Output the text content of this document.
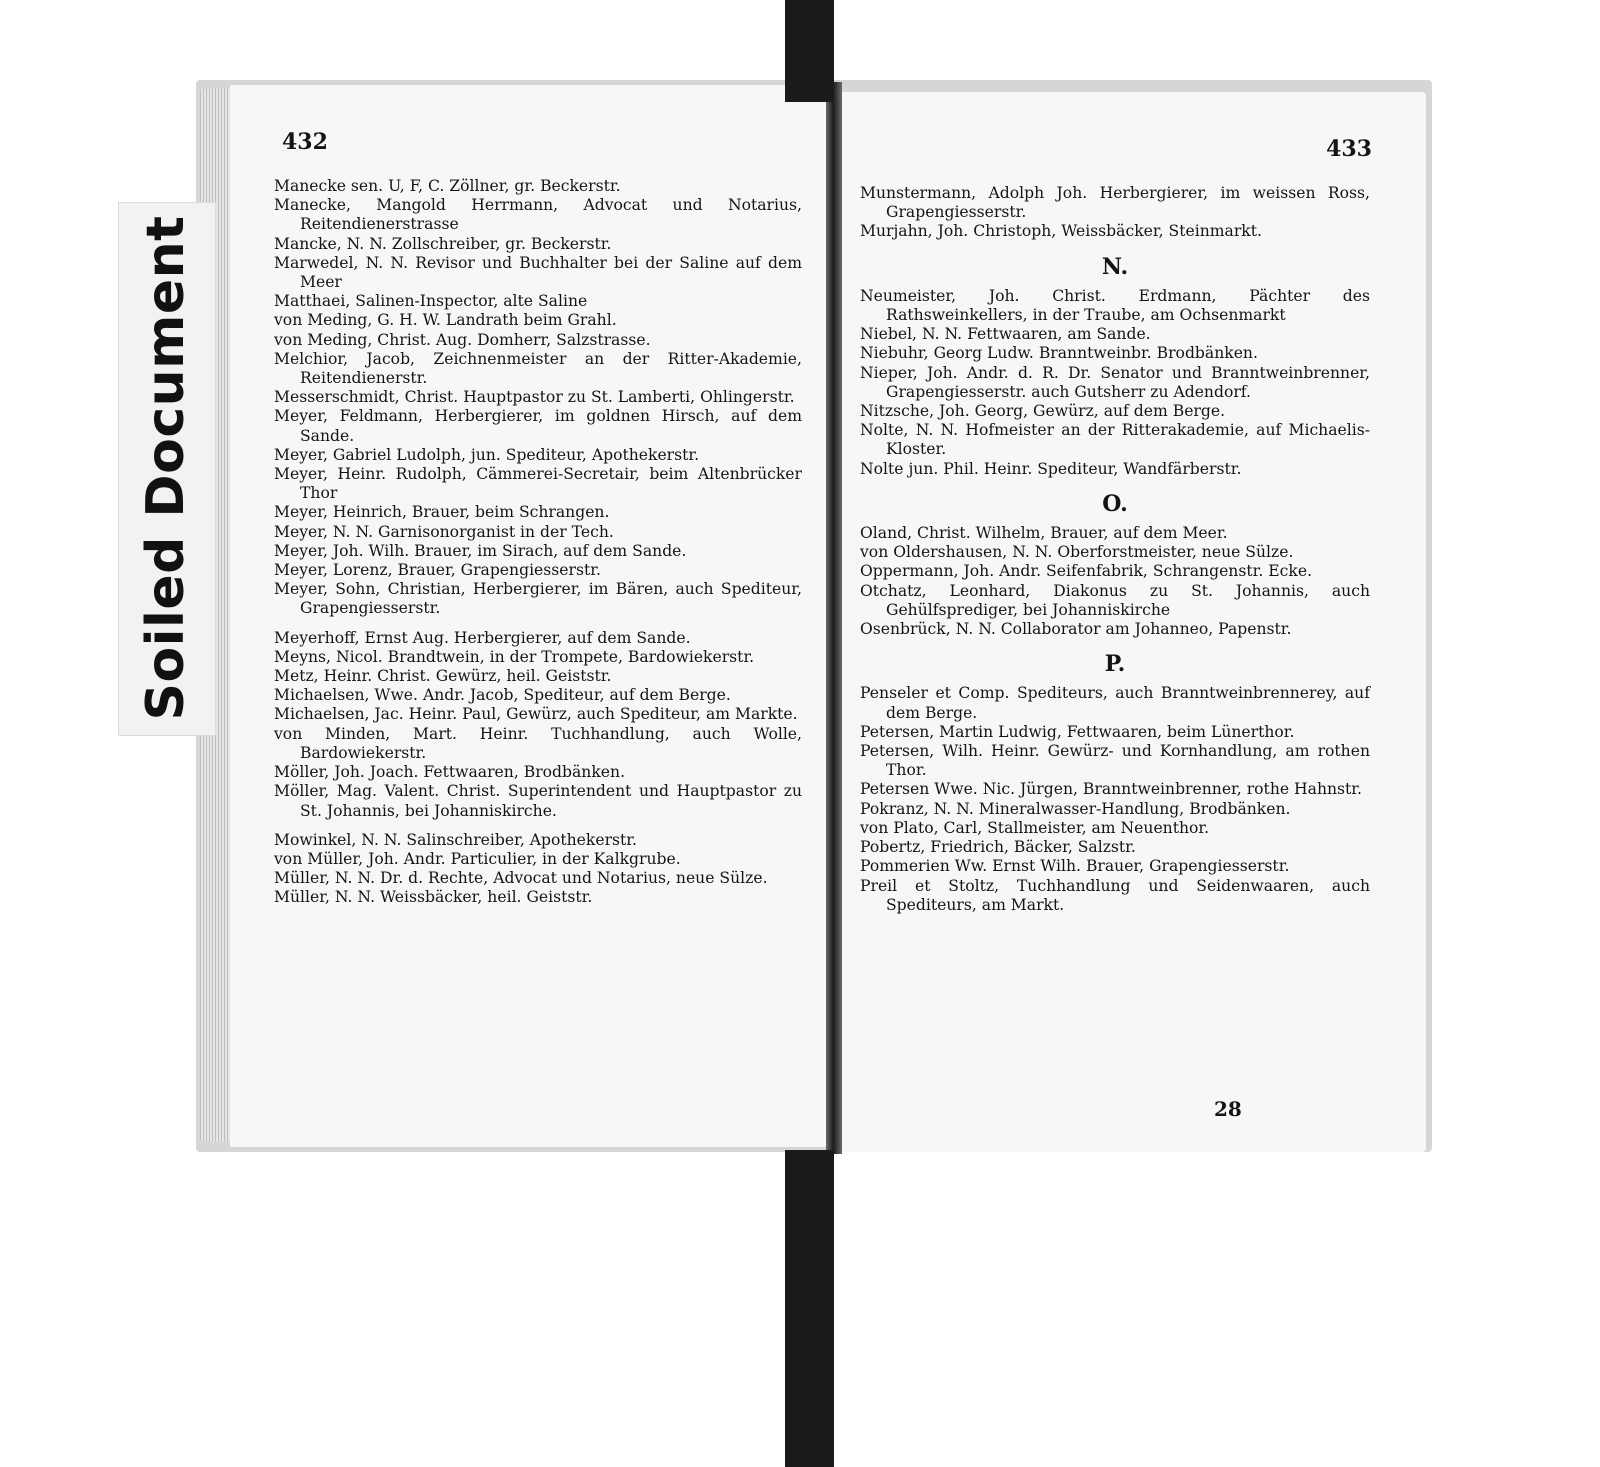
Soiled Document
432
Manecke sen. U, F, C. Zöllner, gr. Beckerstr.
Manecke, Mangold Herrmann, Advocat und Notarius, Reitendienerstrasse
Mancke, N. N. Zollschreiber, gr. Beckerstr.
Marwedel, N. N. Revisor und Buchhalter bei der Saline auf dem Meer
Matthaei, Salinen-Inspector, alte Saline
von Meding, G. H. W. Landrath beim Grahl.
von Meding, Christ. Aug. Domherr, Salzstrasse.
Melchior, Jacob, Zeichnenmeister an der Ritter-Akademie, Reitendienerstr.
Messerschmidt, Christ. Hauptpastor zu St. Lamberti, Ohlingerstr.
Meyer, Feldmann, Herbergierer, im goldnen Hirsch, auf dem Sande.
Meyer, Gabriel Ludolph, jun. Spediteur, Apothekerstr.
Meyer, Heinr. Rudolph, Cämmerei-Secretair, beim Altenbrücker Thor
Meyer, Heinrich, Brauer, beim Schrangen.
Meyer, N. N. Garnisonorganist in der Tech.
Meyer, Joh. Wilh. Brauer, im Sirach, auf dem Sande.
Meyer, Lorenz, Brauer, Grapengiesserstr.
Meyer, Sohn, Christian, Herbergierer, im Bären, auch Spediteur, Grapengiesserstr.
Meyerhoff, Ernst Aug. Herbergierer, auf dem Sande.
Meyns, Nicol. Brandtwein, in der Trompete, Bardowiekerstr.
Metz, Heinr. Christ. Gewürz, heil. Geiststr.
Michaelsen, Wwe. Andr. Jacob, Spediteur, auf dem Berge.
Michaelsen, Jac. Heinr. Paul, Gewürz, auch Spediteur, am Markte.
von Minden, Mart. Heinr. Tuchhandlung, auch Wolle, Bardowiekerstr.
Möller, Joh. Joach. Fettwaaren, Brodbänken.
Möller, Mag. Valent. Christ. Superintendent und Hauptpastor zu St. Johannis, bei Johanniskirche.
Mowinkel, N. N. Salinschreiber, Apothekerstr.
von Müller, Joh. Andr. Particulier, in der Kalkgrube.
Müller, N. N. Dr. d. Rechte, Advocat und Notarius, neue Sülze.
Müller, N. N. Weissbäcker, heil. Geiststr.
433
Munstermann, Adolph Joh. Herbergierer, im weissen Ross, Grapengiesserstr.
Murjahn, Joh. Christoph, Weissbäcker, Steinmarkt.
N.
Neumeister, Joh. Christ. Erdmann, Pächter des Rathsweinkellers, in der Traube, am Ochsenmarkt
Niebel, N. N. Fettwaaren, am Sande.
Niebuhr, Georg Ludw. Branntweinbr. Brodbänken.
Nieper, Joh. Andr. d. R. Dr. Senator und Branntweinbrenner, Grapengiesserstr. auch Gutsherr zu Adendorf.
Nitzsche, Joh. Georg, Gewürz, auf dem Berge.
Nolte, N. N. Hofmeister an der Ritterakademie, auf Michaelis-Kloster.
Nolte jun. Phil. Heinr. Spediteur, Wandfärberstr.
O.
Oland, Christ. Wilhelm, Brauer, auf dem Meer.
von Oldershausen, N. N. Oberforstmeister, neue Sülze.
Oppermann, Joh. Andr. Seifenfabrik, Schrangenstr. Ecke.
Otchatz, Leonhard, Diakonus zu St. Johannis, auch Gehülfsprediger, bei Johanniskirche
Osenbrück, N. N. Collaborator am Johanneo, Papenstr.
P.
Penseler et Comp. Spediteurs, auch Branntweinbrennerey, auf dem Berge.
Petersen, Martin Ludwig, Fettwaaren, beim Lünerthor.
Petersen, Wilh. Heinr. Gewürz- und Kornhandlung, am rothen Thor.
Petersen Wwe. Nic. Jürgen, Branntweinbrenner, rothe Hahnstr.
Pokranz, N. N. Mineralwasser-Handlung, Brodbänken.
von Plato, Carl, Stallmeister, am Neuenthor.
Pobertz, Friedrich, Bäcker, Salzstr.
Pommerien Ww. Ernst Wilh. Brauer, Grapengiesserstr.
Preil et Stoltz, Tuchhandlung und Seidenwaaren, auch Spediteurs, am Markt.
28
